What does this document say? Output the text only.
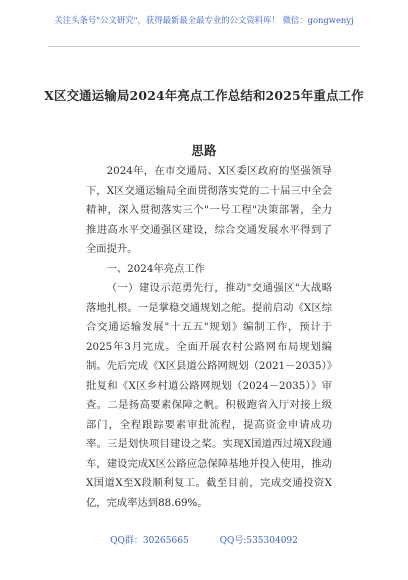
关注头条号"公文研究"，获得最新最全最专业的公文资料库！ 微信：gongwenyj
X区交通运输局2024年亮点工作总结和2025年重点工作思路

2024年，在市交通局、X区委区政府的坚强领导下，X区交通运输局全面贯彻落实党的二十届三中全会精神，深入贯彻落实三个"一号工程"决策部署，全力推进高水平交通强区建设，综合交通发展水平得到了全面提升。

一、2024年亮点工作

（一）建设示范勇先行，推动"交通强区"大战略落地扎根。一是掌稳交通规划之舵。提前启动《X区综合交通运输发展"十五五"规划》编制工作，预计于2025年3月完成。全面开展农村公路网布局规划编制。先后完成《X区县道公路网规划（2021－2035）》批复和《X区乡村道公路网规划（2024－2035）》审查。二是扬高要素保障之帆。积极跑省入厅对接上级部门，全程跟踪要素审批流程，提高资金申请成功率。三是划快项目建设之桨。实现X国道西过境X段通车，建设完成X区公路应急保障基地并投入使用，推动X国道X至X段顺利复工。截至目前，完成交通投资X亿，完成率达到88.69%。

QQ群：30265665	QQ号:535304092
